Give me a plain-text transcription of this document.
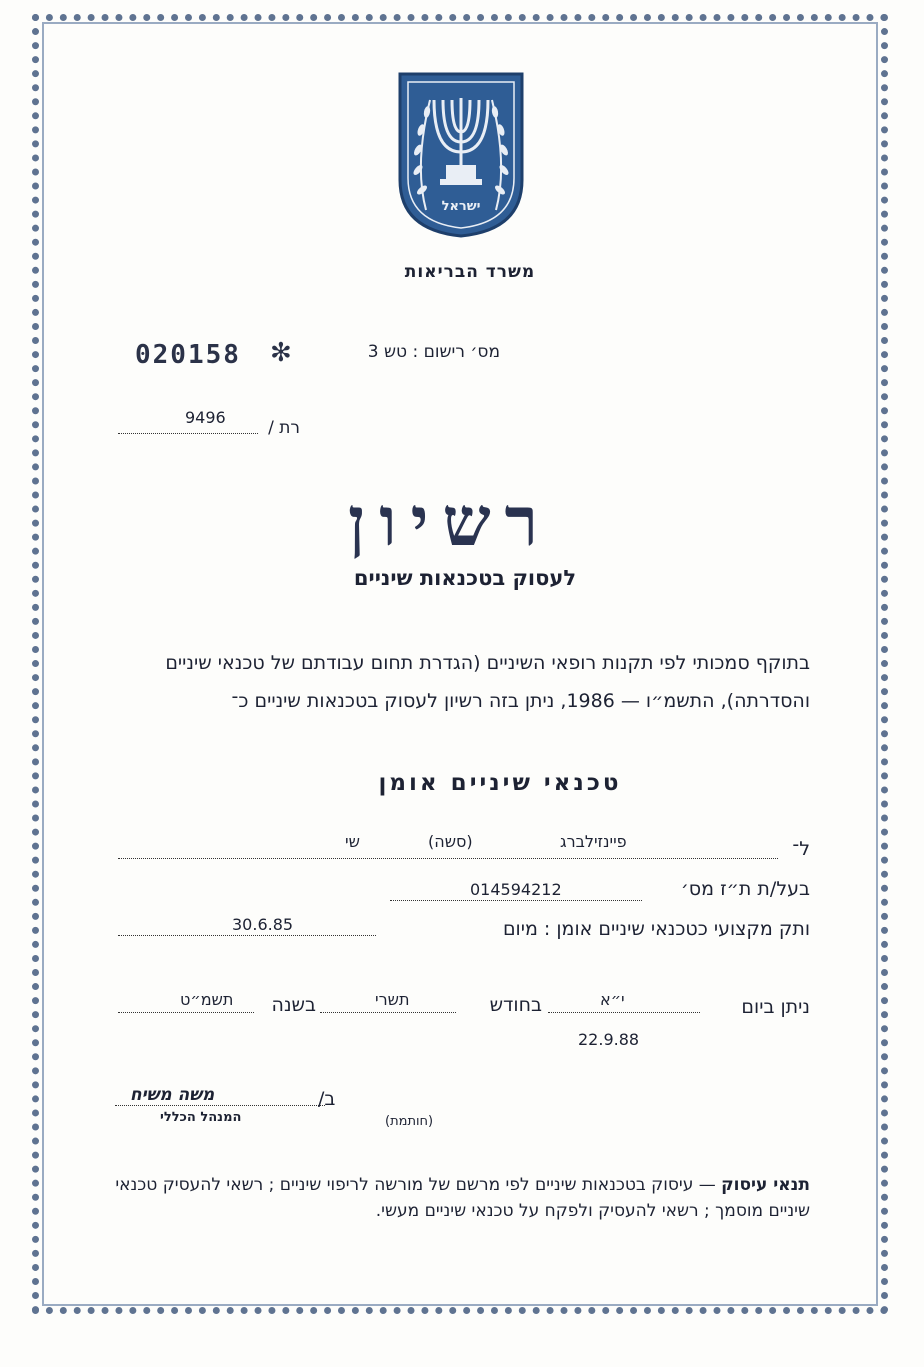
ישראל
משרד הבריאות
020158 ✻	מס׳ רישום : טש 3
9496
רת /
רשיון
לעסוק בטכנאות שיניים
בתוקף סמכותי לפי תקנות רופאי השיניים (הגדרת תחום עבודתם של טכנאי שיניים והסדרתה), התשמ״ו — 1986, ניתן בזה רשיון לעסוק בטכנאות שיניים כ־
טכנאי שיניים אומן
ל־
פיינזילברג
(סשה)
שי
בעל/ת ת״ז מס׳
014594212
ותק מקצועי כטכנאי שיניים אומן : מיום
30.6.85
ניתן ביום
י״א
בחודש
תשרי
בשנה
תשמ״ט
22.9.88
משה משיח	ב/
המנהל הכללי	(חותמת)
תנאי עיסוק — עיסוק בטכנאות שיניים לפי מרשם של מורשה לריפוי שיניים ; רשאי להעסיק טכנאי שיניים מוסמך ; רשאי להעסיק ולפקח על טכנאי שיניים מעשי.
